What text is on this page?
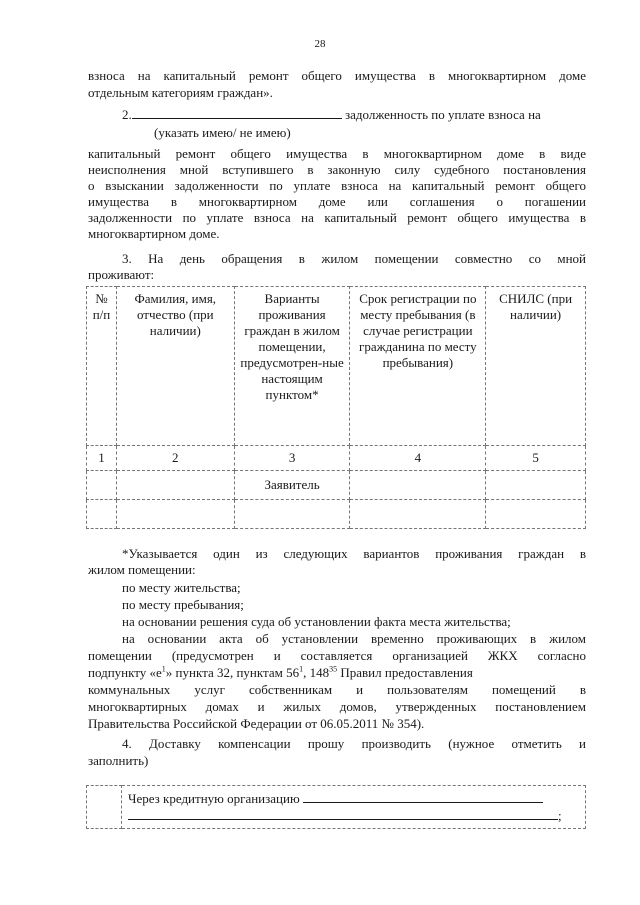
28
взноса на капитальный ремонт общего имущества в многоквартирном доме
отдельным категориям граждан».
2.	задолженность по уплате взноса на
(указать имею/ не имею)
капитальный ремонт общего имущества в многоквартирном доме в виде
неисполнения мной вступившего в законную силу судебного постановления
о взыскании задолженности по уплате взноса на капитальный ремонт общего
имущества в многоквартирном доме или соглашения о погашении
задолженности по уплате взноса на капитальный ремонт общего имущества в
многоквартирном доме.
3. На день обращения в жилом помещении совместно со мной
проживают:
№ п/п	Фамилия, имя, отчество (при наличии)	Варианты проживания граждан в жилом помещении, предусмотрен-ные настоящим пунктом*	Срок регистрации по месту пребывания (в случае регистрации гражданина по месту пребывания)	СНИЛС (при наличии)
1	2	3	4	5
		Заявитель		

*Указывается один из следующих вариантов проживания граждан в
жилом помещении:
по месту жительства;
по месту пребывания;
на основании решения суда об установлении факта места жительства;
на основании акта об установлении временно проживающих в жилом
помещении (предусмотрен и составляется организацией ЖКХ согласно
подпункту «$е^1$» пункта 32, пунктам $56^1$, $148^{35}$ Правил предоставления
коммунальных услуг собственникам и пользователям помещений в
многоквартирных домах и жилых домов, утвержденных постановлением
Правительства Российской Федерации от 06.05.2011 № 354).
4. Доставку компенсации прошу производить (нужное отметить и
заполнить)

Через кредитную организацию
;
